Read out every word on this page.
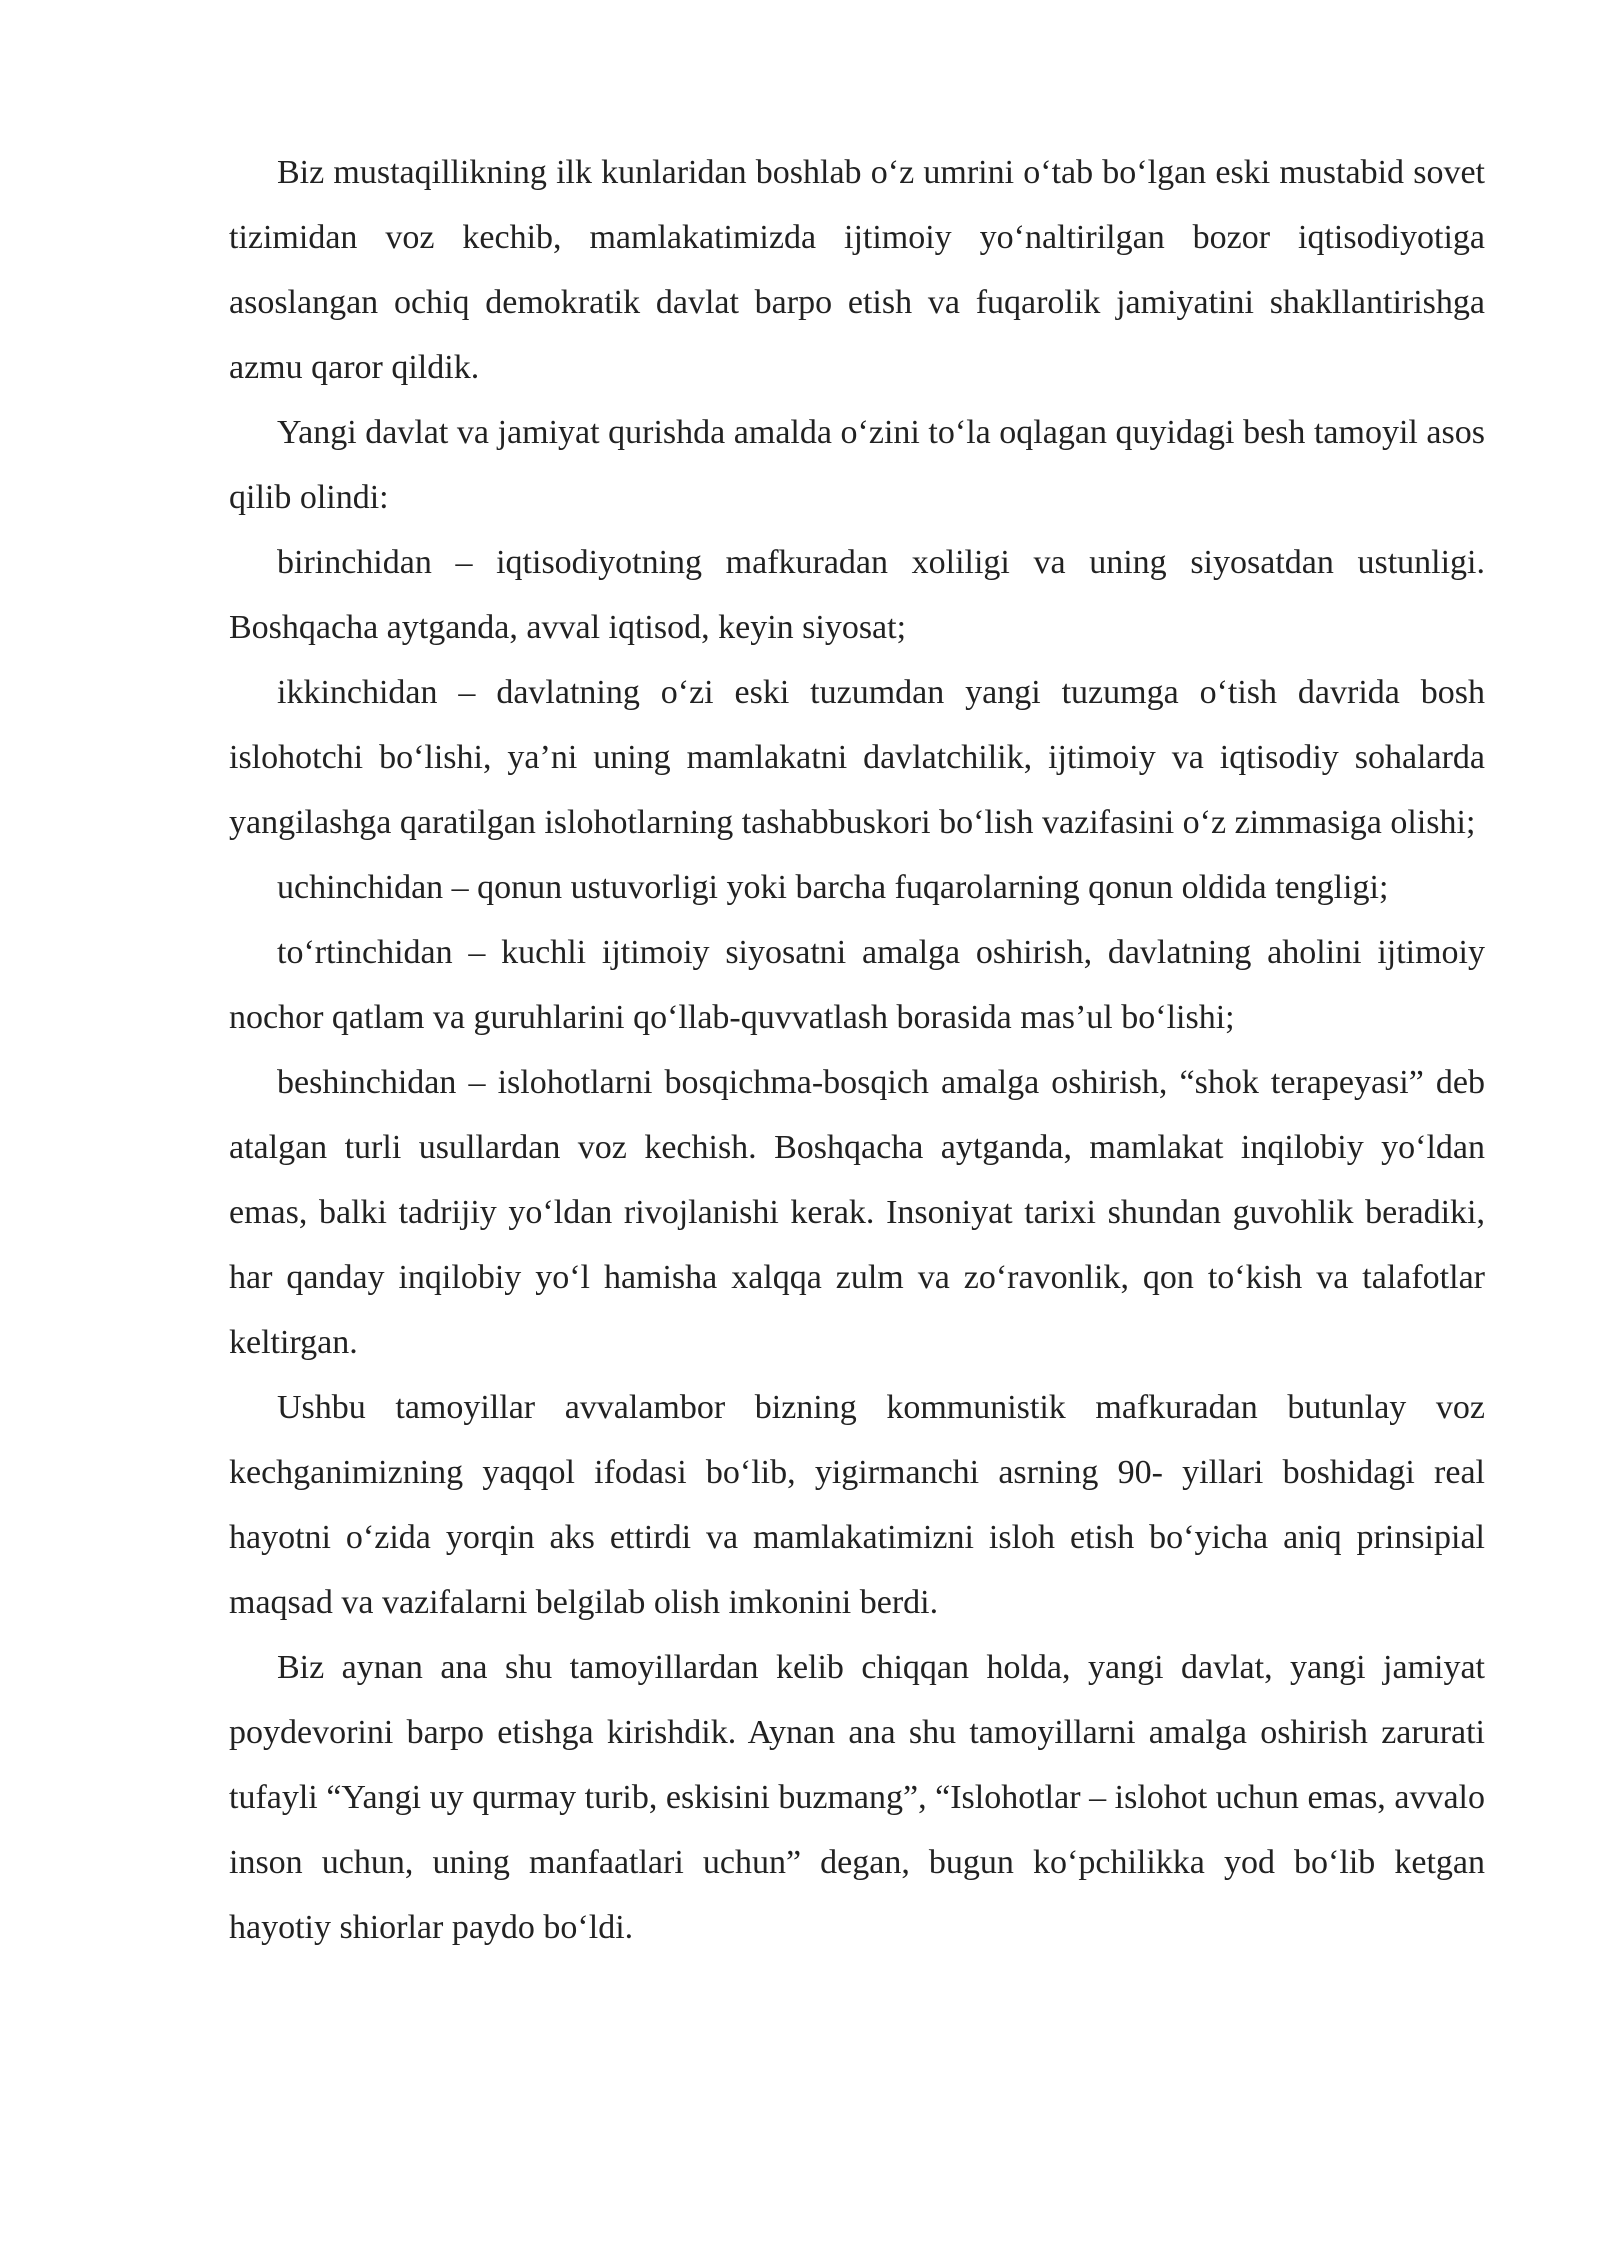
Biz mustaqillikning ilk kunlaridan boshlab o‘z umrini o‘tab bo‘lgan eski mustabid sovet tizimidan voz kechib, mamlakatimizda ijtimoiy yo‘naltirilgan bozor iqtisodiyotiga asoslangan ochiq demokratik davlat barpo etish va fuqarolik jamiyatini shakllantirishga azmu qaror qildik.

Yangi davlat va jamiyat qurishda amalda o‘zini to‘la oqlagan quyidagi besh tamoyil asos qilib olindi:

birinchidan – iqtisodiyotning mafkuradan xoliligi va uning siyosatdan ustunligi. Boshqacha aytganda, avval iqtisod, keyin siyosat;

ikkinchidan – davlatning o‘zi eski tuzumdan yangi tuzumga o‘tish davrida bosh islohotchi bo‘lishi, ya’ni uning mamlakatni davlatchilik, ijtimoiy va iqtisodiy sohalarda yangilashga qaratilgan islohotlarning tashabbuskori bo‘lish vazifasini o‘z zimmasiga olishi;

uchinchidan – qonun ustuvorligi yoki barcha fuqarolarning qonun oldida tengligi;

to‘rtinchidan – kuchli ijtimoiy siyosatni amalga oshirish, davlatning aholini ijtimoiy nochor qatlam va guruhlarini qo‘llab-quvvatlash borasida mas’ul bo‘lishi;

beshinchidan – islohotlarni bosqichma-bosqich amalga oshirish, “shok terapeyasi” deb atalgan turli usullardan voz kechish. Boshqacha aytganda, mamlakat inqilobiy yo‘ldan emas, balki tadrijiy yo‘ldan rivojlanishi kerak. Insoniyat tarixi shundan guvohlik beradiki, har qanday inqilobiy yo‘l hamisha xalqqa zulm va zo‘ravonlik, qon to‘kish va talafotlar keltirgan.

Ushbu tamoyillar avvalambor bizning kommunistik mafkuradan butunlay voz kechganimizning yaqqol ifodasi bo‘lib, yigirmanchi asrning 90- yillari boshidagi real hayotni o‘zida yorqin aks ettirdi va mamlakatimizni isloh etish bo‘yicha aniq prinsipial maqsad va vazifalarni belgilab olish imkonini berdi.

Biz aynan ana shu tamoyillardan kelib chiqqan holda, yangi davlat, yangi jamiyat poydevorini barpo etishga kirishdik. Aynan ana shu tamoyillarni amalga oshirish zarurati tufayli “Yangi uy qurmay turib, eskisini buzmang”, “Islohotlar – islohot uchun emas, avvalo inson uchun, uning manfaatlari uchun” degan, bugun ko‘pchilikka yod bo‘lib ketgan hayotiy shiorlar paydo bo‘ldi.
